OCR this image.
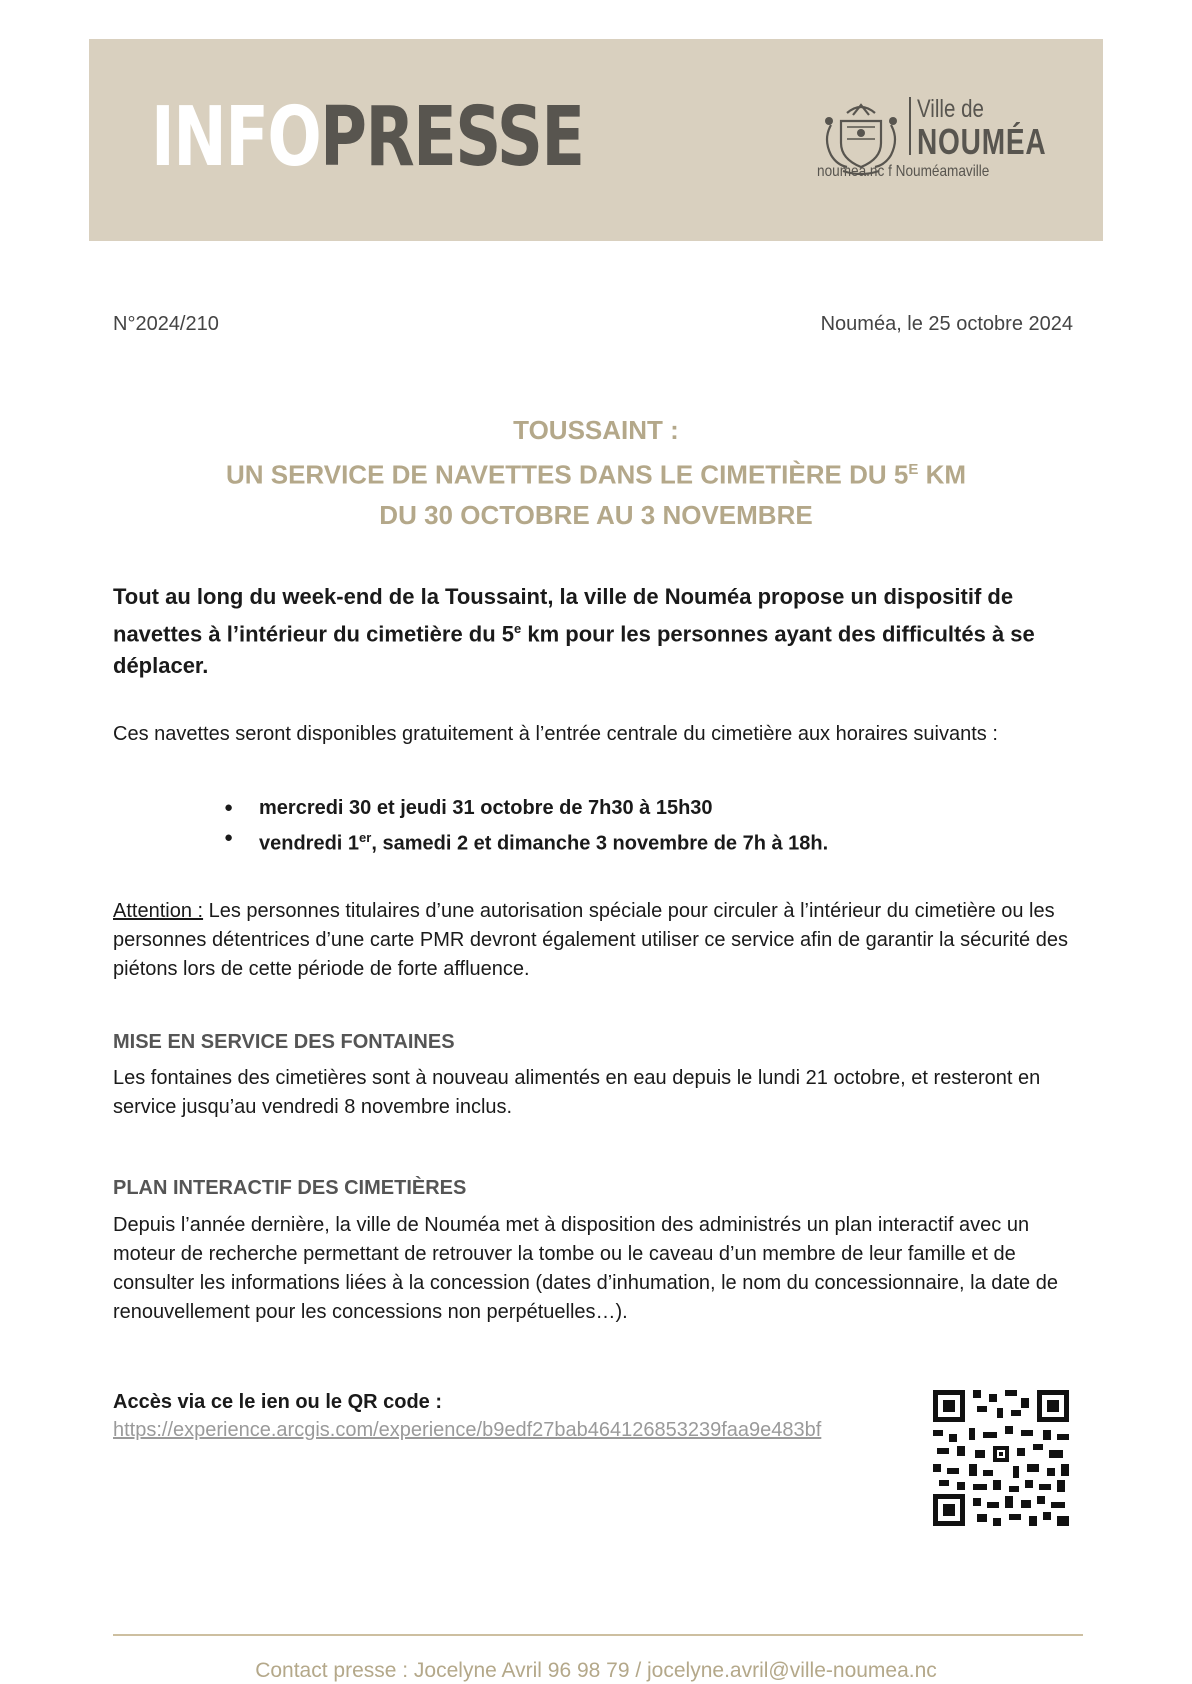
INFOPRESSE	Ville de
NOUMÉA
noumea.nc f Nouméamaville
N°2024/210	Nouméa, le 25 octobre 2024
TOUSSAINT :
UN SERVICE DE NAVETTES DANS LE CIMETIÈRE DU $5^E$ KM
DU 30 OCTOBRE AU 3 NOVEMBRE
Tout au long du week-end de la Toussaint, la ville de Nouméa propose un dispositif de navettes à l’intérieur du cimetière du 5e km pour les personnes ayant des difficultés à se déplacer.
Ces navettes seront disponibles gratuitement à l’entrée centrale du cimetière aux horaires suivants :
● mercredi 30 et jeudi 31 octobre de 7h30 à 15h30
● vendredi 1er, samedi 2 et dimanche 3 novembre de 7h à 18h.
Attention : Les personnes titulaires d’une autorisation spéciale pour circuler à l’intérieur du cimetière ou les personnes détentrices d’une carte PMR devront également utiliser ce service afin de garantir la sécurité des piétons lors de cette période de forte affluence.
MISE EN SERVICE DES FONTAINES
Les fontaines des cimetières sont à nouveau alimentés en eau depuis le lundi 21 octobre, et resteront en service jusqu’au vendredi 8 novembre inclus.
PLAN INTERACTIF DES CIMETIÈRES
Depuis l’année dernière, la ville de Nouméa met à disposition des administrés un plan interactif avec un moteur de recherche permettant de retrouver la tombe ou le caveau d’un membre de leur famille et de consulter les informations liées à la concession (dates d’inhumation, le nom du concessionnaire, la date de renouvellement pour les concessions non perpétuelles…).
Accès via ce le ien ou le QR code :
https://experience.arcgis.com/experience/b9edf27bab464126853239faa9e483bf
Contact presse : Jocelyne Avril 96 98 79 / jocelyne.avril@ville-noumea.nc
